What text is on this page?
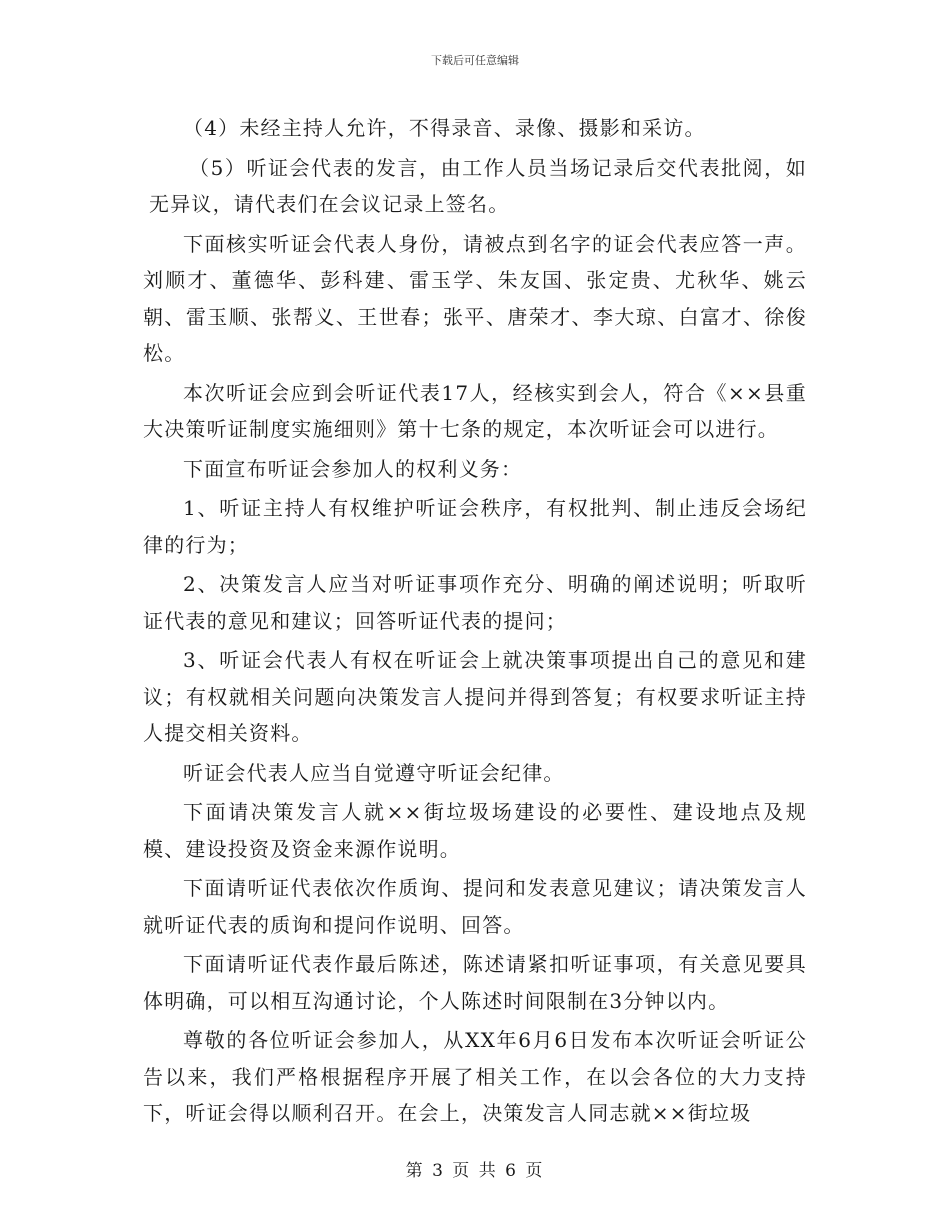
下载后可任意编辑

（4）未经主持人允许，不得录音、录像、摄影和采访。

（5）听证会代表的发言，由工作人员当场记录后交代表批阅，如无异议，请代表们在会议记录上签名。

下面核实听证会代表人身份，请被点到名字的证会代表应答一声。刘顺才、董德华、彭科建、雷玉学、朱友国、张定贵、尤秋华、姚云朝、雷玉顺、张帮义、王世春；张平、唐荣才、李大琼、白富才、徐俊松。

本次听证会应到会听证代表17人，经核实到会人，符合《××县重大决策听证制度实施细则》第十七条的规定，本次听证会可以进行。

下面宣布听证会参加人的权利义务：

1、听证主持人有权维护听证会秩序，有权批判、制止违反会场纪律的行为；

2、决策发言人应当对听证事项作充分、明确的阐述说明；听取听证代表的意见和建议；回答听证代表的提问；

3、听证会代表人有权在听证会上就决策事项提出自己的意见和建议；有权就相关问题向决策发言人提问并得到答复；有权要求听证主持人提交相关资料。

听证会代表人应当自觉遵守听证会纪律。

下面请决策发言人就××街垃圾场建设的必要性、建设地点及规模、建设投资及资金来源作说明。

下面请听证代表依次作质询、提问和发表意见建议；请决策发言人就听证代表的质询和提问作说明、回答。

下面请听证代表作最后陈述，陈述请紧扣听证事项，有关意见要具体明确，可以相互沟通讨论，个人陈述时间限制在3分钟以内。

尊敬的各位听证会参加人，从XX年6月6日发布本次听证会听证公告以来，我们严格根据程序开展了相关工作，在以会各位的大力支持下，听证会得以顺利召开。在会上，决策发言人同志就××街垃圾

第 3 页 共 6 页
